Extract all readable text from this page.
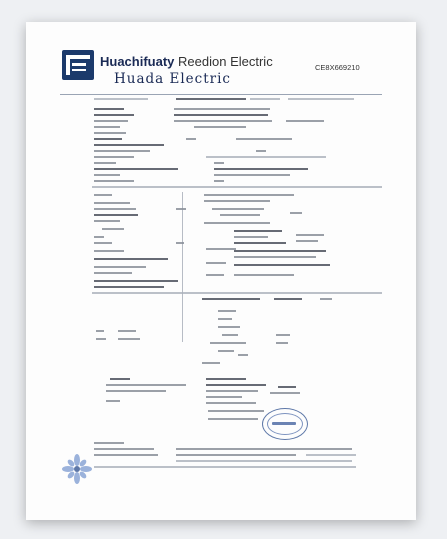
Huachifuaty Reedion Electric
Huada Electric
CE8X669210
